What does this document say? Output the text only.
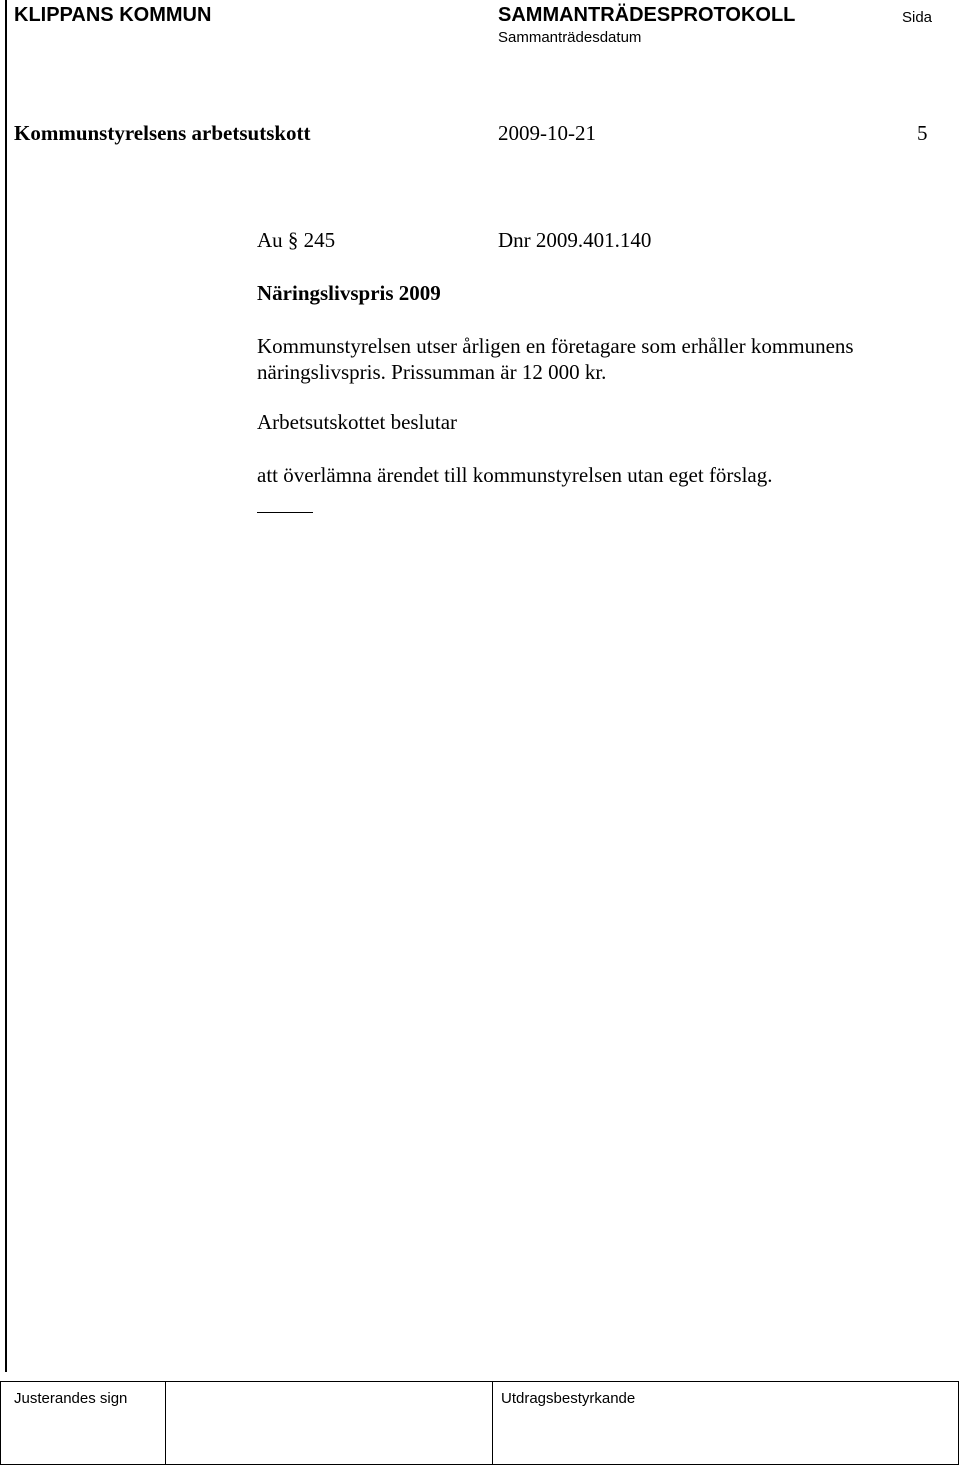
KLIPPANS KOMMUN	SAMMANTRÄDESPROTOKOLL	Sida
Sammanträdesdatum
Kommunstyrelsens arbetsutskott	2009-10-21	5
Au § 245	Dnr 2009.401.140
Näringslivspris 2009
Kommunstyrelsen utser årligen en företagare som erhåller kommunens
näringslivspris. Prissumman är 12 000 kr.
Arbetsutskottet beslutar
att överlämna ärendet till kommunstyrelsen utan eget förslag.
Justerandes sign	Utdragsbestyrkande
